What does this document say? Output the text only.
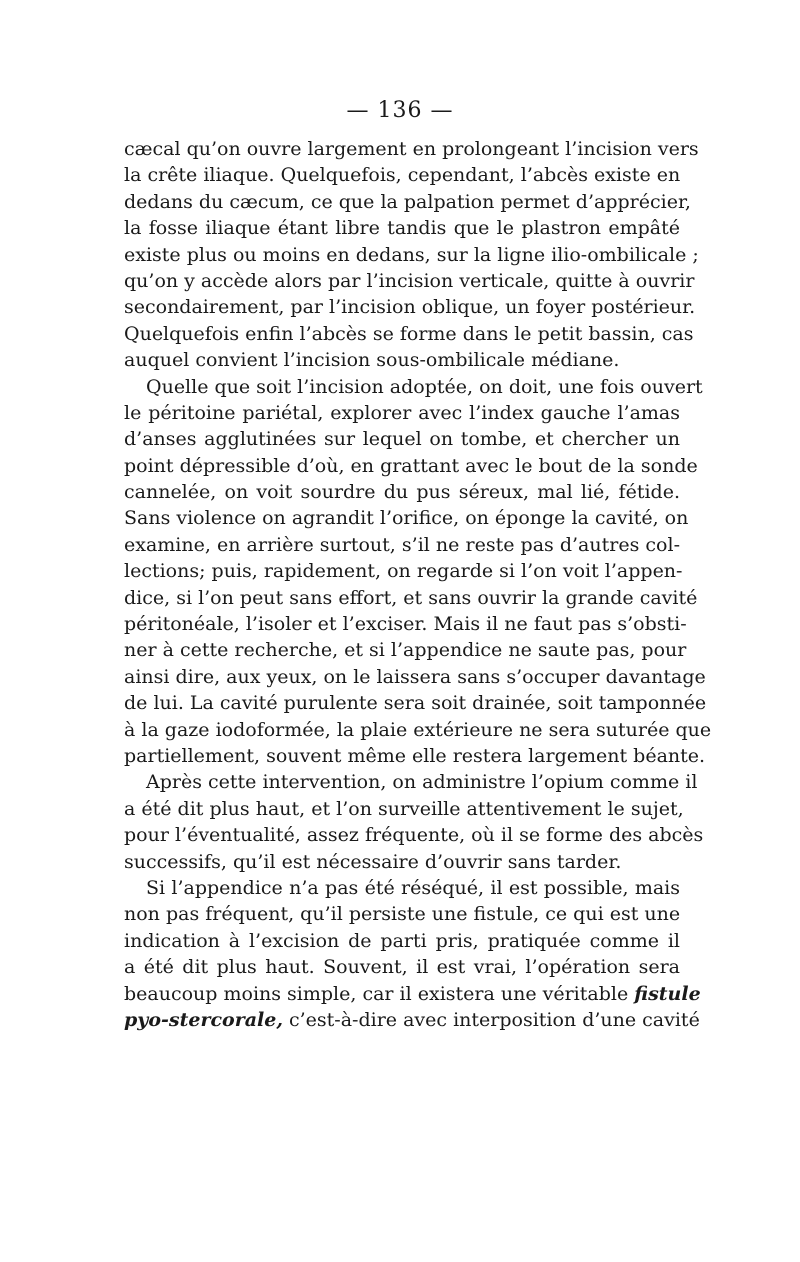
— 136 —
cæcal qu’on ouvre largement en prolongeant l’incision vers
la crête iliaque. Quelquefois, cependant, l’abcès existe en
dedans du cæcum, ce que la palpation permet d’apprécier,
la fosse iliaque étant libre tandis que le plastron empâté
existe plus ou moins en dedans, sur la ligne ilio-ombilicale ;
qu’on y accède alors par l’incision verticale, quitte à ouvrir
secondairement, par l’incision oblique, un foyer postérieur.
Quelquefois enfin l’abcès se forme dans le petit bassin, cas
auquel convient l’incision sous-ombilicale médiane.
Quelle que soit l’incision adoptée, on doit, une fois ouvert
le péritoine pariétal, explorer avec l’index gauche l’amas
d’anses agglutinées sur lequel on tombe, et chercher un
point dépressible d’où, en grattant avec le bout de la sonde
cannelée, on voit sourdre du pus séreux, mal lié, fétide.
Sans violence on agrandit l’orifice, on éponge la cavité, on
examine, en arrière surtout, s’il ne reste pas d’autres col-
lections; puis, rapidement, on regarde si l’on voit l’appen-
dice, si l’on peut sans effort, et sans ouvrir la grande cavité
péritonéale, l’isoler et l’exciser. Mais il ne faut pas s’obsti-
ner à cette recherche, et si l’appendice ne saute pas, pour
ainsi dire, aux yeux, on le laissera sans s’occuper davantage
de lui. La cavité purulente sera soit drainée, soit tamponnée
à la gaze iodoformée, la plaie extérieure ne sera suturée que
partiellement, souvent même elle restera largement béante.
Après cette intervention, on administre l’opium comme il
a été dit plus haut, et l’on surveille attentivement le sujet,
pour l’éventualité, assez fréquente, où il se forme des abcès
successifs, qu’il est nécessaire d’ouvrir sans tarder.
Si l’appendice n’a pas été réséqué, il est possible, mais
non pas fréquent, qu’il persiste une fistule, ce qui est une
indication à l’excision de parti pris, pratiquée comme il
a été dit plus haut. Souvent, il est vrai, l’opération sera
beaucoup moins simple, car il existera une véritable fistule
pyo-stercorale, c’est-à-dire avec interposition d’une cavité
